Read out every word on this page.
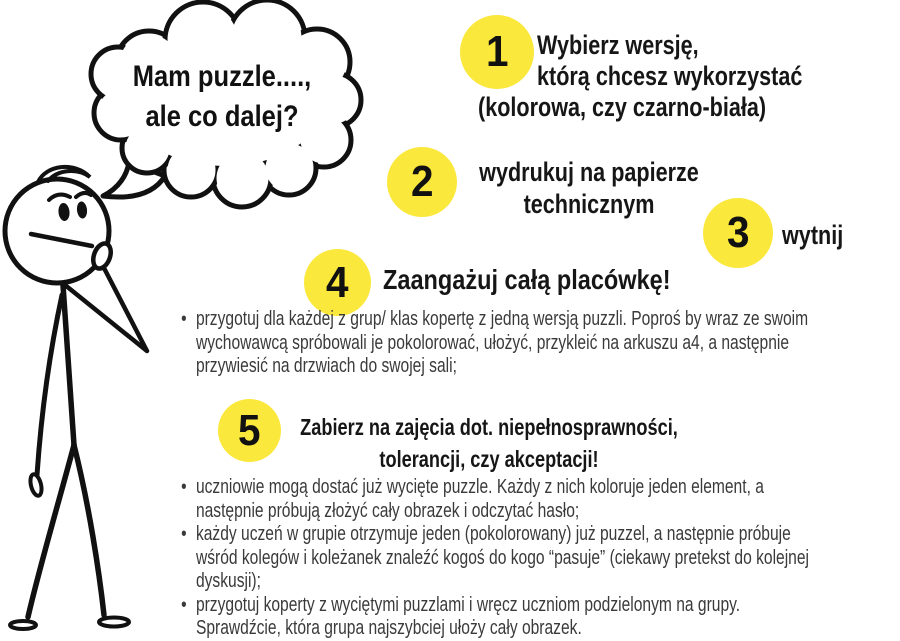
Mam puzzle....,
ale co dalej?
1
2
3
4
5
Wybierz wersję,
którą chcesz wykorzystać
(kolorowa, czy czarno-biała)
wydrukuj na papierze
technicznym
wytnij
Zaangażuj całą placówkę!
• przygotuj dla każdej z grup/ klas kopertę z jedną wersją puzzli. Poproś by wraz ze swoim
wychowawcą spróbowali je pokolorować, ułożyć, przykleić na arkuszu a4, a następnie
przywiesić na drzwiach do swojej sali;
Zabierz na zajęcia dot. niepełnosprawności,
tolerancji, czy akceptacji!
• uczniowie mogą dostać już wycięte puzzle. Każdy z nich koloruje jeden element, a
następnie próbują złożyć cały obrazek i odczytać hasło;
• każdy uczeń w grupie otrzymuje jeden (pokolorowany) już puzzel, a następnie próbuje
wśród kolegów i koleżanek znaleźć kogoś do kogo “pasuje” (ciekawy pretekst do kolejnej
dyskusji);
• przygotuj koperty z wyciętymi puzzlami i wręcz uczniom podzielonym na grupy.
Sprawdźcie, która grupa najszybciej ułoży cały obrazek.
